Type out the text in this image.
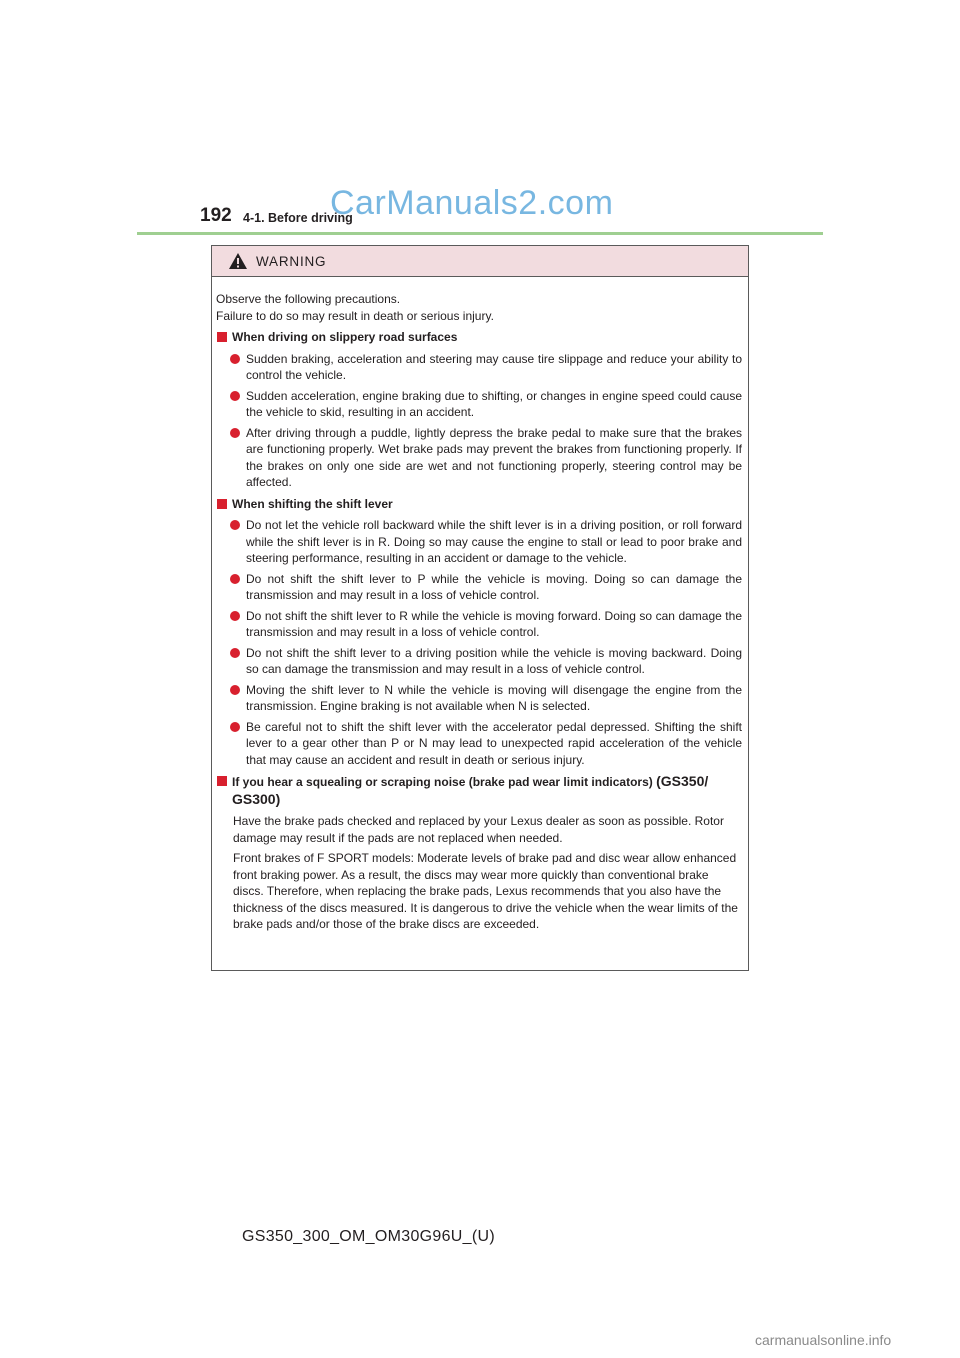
192 4-1. Before driving
CarManuals2.com
WARNING
Observe the following precautions.
Failure to do so may result in death or serious injury.
When driving on slippery road surfaces
Sudden braking, acceleration and steering may cause tire slippage and reduce your ability to control the vehicle.
Sudden acceleration, engine braking due to shifting, or changes in engine speed could cause the vehicle to skid, resulting in an accident.
After driving through a puddle, lightly depress the brake pedal to make sure that the brakes are functioning properly. Wet brake pads may prevent the brakes from functioning properly. If the brakes on only one side are wet and not functioning properly, steering control may be affected.
When shifting the shift lever
Do not let the vehicle roll backward while the shift lever is in a driving position, or roll forward while the shift lever is in R. Doing so may cause the engine to stall or lead to poor brake and steering performance, resulting in an accident or damage to the vehicle.
Do not shift the shift lever to P while the vehicle is moving. Doing so can damage the transmission and may result in a loss of vehicle control.
Do not shift the shift lever to R while the vehicle is moving forward. Doing so can damage the transmission and may result in a loss of vehicle control.
Do not shift the shift lever to a driving position while the vehicle is moving backward. Doing so can damage the transmission and may result in a loss of vehicle control.
Moving the shift lever to N while the vehicle is moving will disengage the engine from the transmission. Engine braking is not available when N is selected.
Be careful not to shift the shift lever with the accelerator pedal depressed. Shifting the shift lever to a gear other than P or N may lead to unexpected rapid acceleration of the vehicle that may cause an accident and result in death or serious injury.
If you hear a squealing or scraping noise (brake pad wear limit indicators) (GS350/ GS300)
Have the brake pads checked and replaced by your Lexus dealer as soon as possible. Rotor damage may result if the pads are not replaced when needed.
Front brakes of F SPORT models: Moderate levels of brake pad and disc wear allow enhanced front braking power. As a result, the discs may wear more quickly than conventional brake discs. Therefore, when replacing the brake pads, Lexus recommends that you also have the thickness of the discs measured. It is dangerous to drive the vehicle when the wear limits of the brake pads and/or those of the brake discs are exceeded.
GS350_300_OM_OM30G96U_(U)
carmanualsonline.info
